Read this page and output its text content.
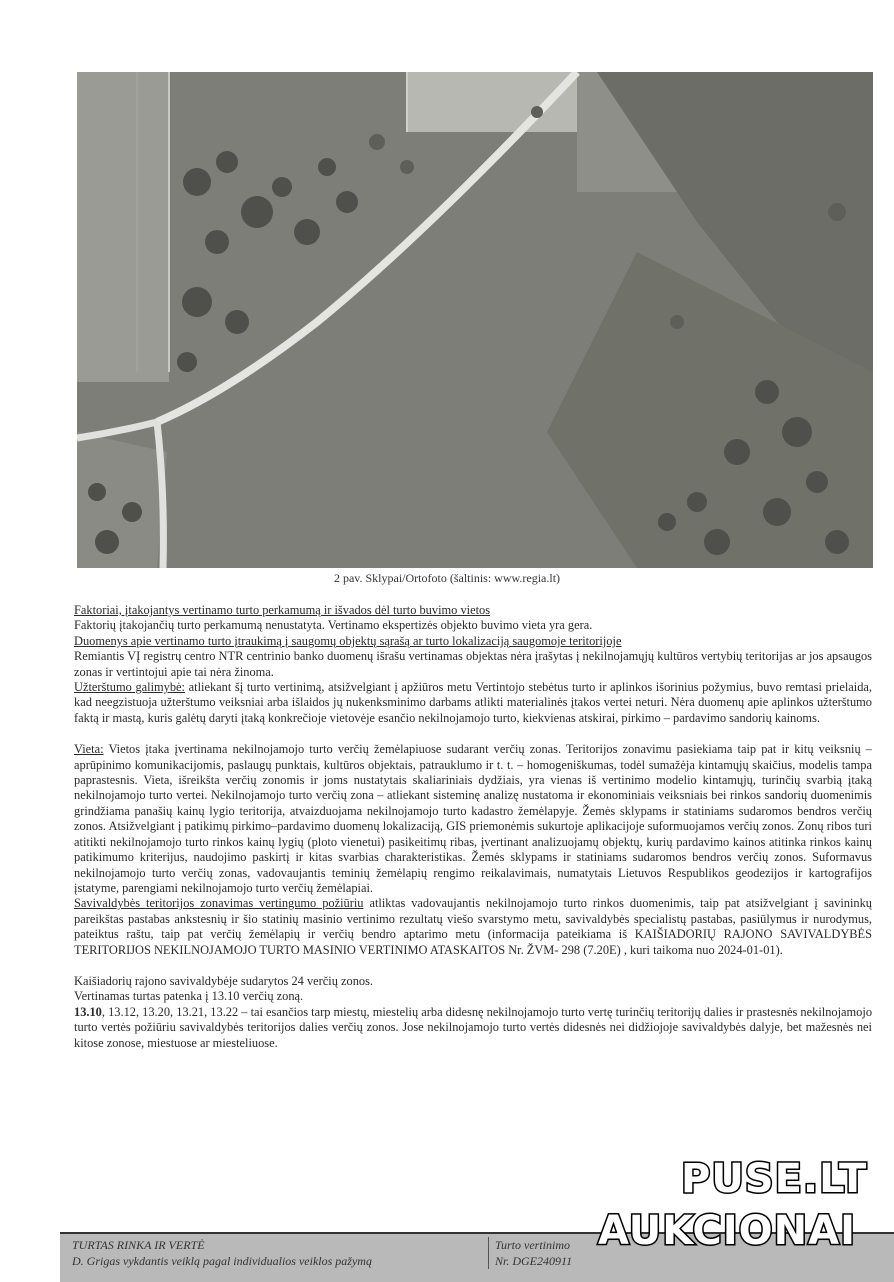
2 pav. Sklypai/Ortofoto (šaltinis: www.regia.lt)

Faktoriai, įtakojantys vertinamo turto perkamumą ir išvados dėl turto buvimo vietos

Faktorių įtakojančių turto perkamumą nenustatyta. Vertinamo ekspertizės objekto buvimo vieta yra gera.

Duomenys apie vertinamo turto įtraukimą į saugomų objektų sąrašą ar turto lokalizaciją saugomoje teritorijoje

Remiantis VĮ registrų centro NTR centrinio banko duomenų išrašu vertinamas objektas nėra įrašytas į nekilnojamųjų kultūros vertybių teritorijas ar jos apsaugos zonas ir vertintojui apie tai nėra žinoma.

Užterštumo galimybė: atliekant šį turto vertinimą, atsižvelgiant į apžiūros metu Vertintojo stebėtus turto ir aplinkos išorinius požymius, buvo remtasi prielaida, kad neegzistuoja užterštumo veiksniai arba išlaidos jų nukenksminimo darbams atlikti materialinės įtakos vertei neturi. Nėra duomenų apie aplinkos užterštumo faktą ir mastą, kuris galėtų daryti įtaką konkrečioje vietovėje esančio nekilnojamojo turto, kiekvienas atskirai, pirkimo – pardavimo sandorių kainoms.

Vieta: Vietos įtaka įvertinama nekilnojamojo turto verčių žemėlapiuose sudarant verčių zonas. Teritorijos zonavimu pasiekiama taip pat ir kitų veiksnių – aprūpinimo komunikacijomis, paslaugų punktais, kultūros objektais, patrauklumo ir t. t. – homogeniškumas, todėl sumažėja kintamųjų skaičius, modelis tampa paprastesnis. Vieta, išreikšta verčių zonomis ir joms nustatytais skaliariniais dydžiais, yra vienas iš vertinimo modelio kintamųjų, turinčių svarbią įtaką nekilnojamojo turto vertei. Nekilnojamojo turto verčių zona – atliekant sisteminę analizę nustatoma ir ekonominiais veiksniais bei rinkos sandorių duomenimis grindžiama panašių kainų lygio teritorija, atvaizduojama nekilnojamojo turto kadastro žemėlapyje. Žemės sklypams ir statiniams sudaromos bendros verčių zonos. Atsižvelgiant į patikimų pirkimo–pardavimo duomenų lokalizaciją, GIS priemonėmis sukurtoje aplikacijoje suformuojamos verčių zonos. Zonų ribos turi atitikti nekilnojamojo turto rinkos kainų lygių (ploto vienetui) pasikeitimų ribas, įvertinant analizuojamų objektų, kurių pardavimo kainos atitinka rinkos kainų patikimumo kriterijus, naudojimo paskirtį ir kitas svarbias charakteristikas. Žemės sklypams ir statiniams sudaromos bendros verčių zonos. Suformavus nekilnojamojo turto verčių zonas, vadovaujantis teminių žemėlapių rengimo reikalavimais, numatytais Lietuvos Respublikos geodezijos ir kartografijos įstatyme, parengiami nekilnojamojo turto verčių žemėlapiai.

Savivaldybės teritorijos zonavimas vertingumo požiūriu atliktas vadovaujantis nekilnojamojo turto rinkos duomenimis, taip pat atsižvelgiant į savininkų pareikštas pastabas ankstesnių ir šio statinių masinio vertinimo rezultatų viešo svarstymo metu, savivaldybės specialistų pastabas, pasiūlymus ir nurodymus, pateiktus raštu, taip pat verčių žemėlapių ir verčių bendro aptarimo metu (informacija pateikiama iš KAIŠIADORIŲ RAJONO SAVIVALDYBĖS TERITORIJOS NEKILNOJAMOJO TURTO MASINIO VERTINIMO ATASKAITOS Nr. ŽVM- 298 (7.20E) , kuri taikoma nuo 2024-01-01).

Kaišiadorių rajono savivaldybėje sudarytos 24 verčių zonos.

Vertinamas turtas patenka į 13.10 verčių zoną.

13.10, 13.12, 13.20, 13.21, 13.22 – tai esančios tarp miestų, miestelių arba didesnę nekilnojamojo turto vertę turinčių teritorijų dalies ir prastesnės nekilnojamojo turto vertės požiūriu savivaldybės teritorijos dalies verčių zonos. Jose nekilnojamojo turto vertės didesnės nei didžiojoje savivaldybės dalyje, bet mažesnės nei kitose zonose, miestuose ar miesteliuose.

TURTAS RINKA IR VERTĖ
D. Grigas vykdantis veiklą pagal individualios veiklos pažymą
Turto vertinimo
Nr. DGE240911
PUSE.LT
AUKCIONAI
